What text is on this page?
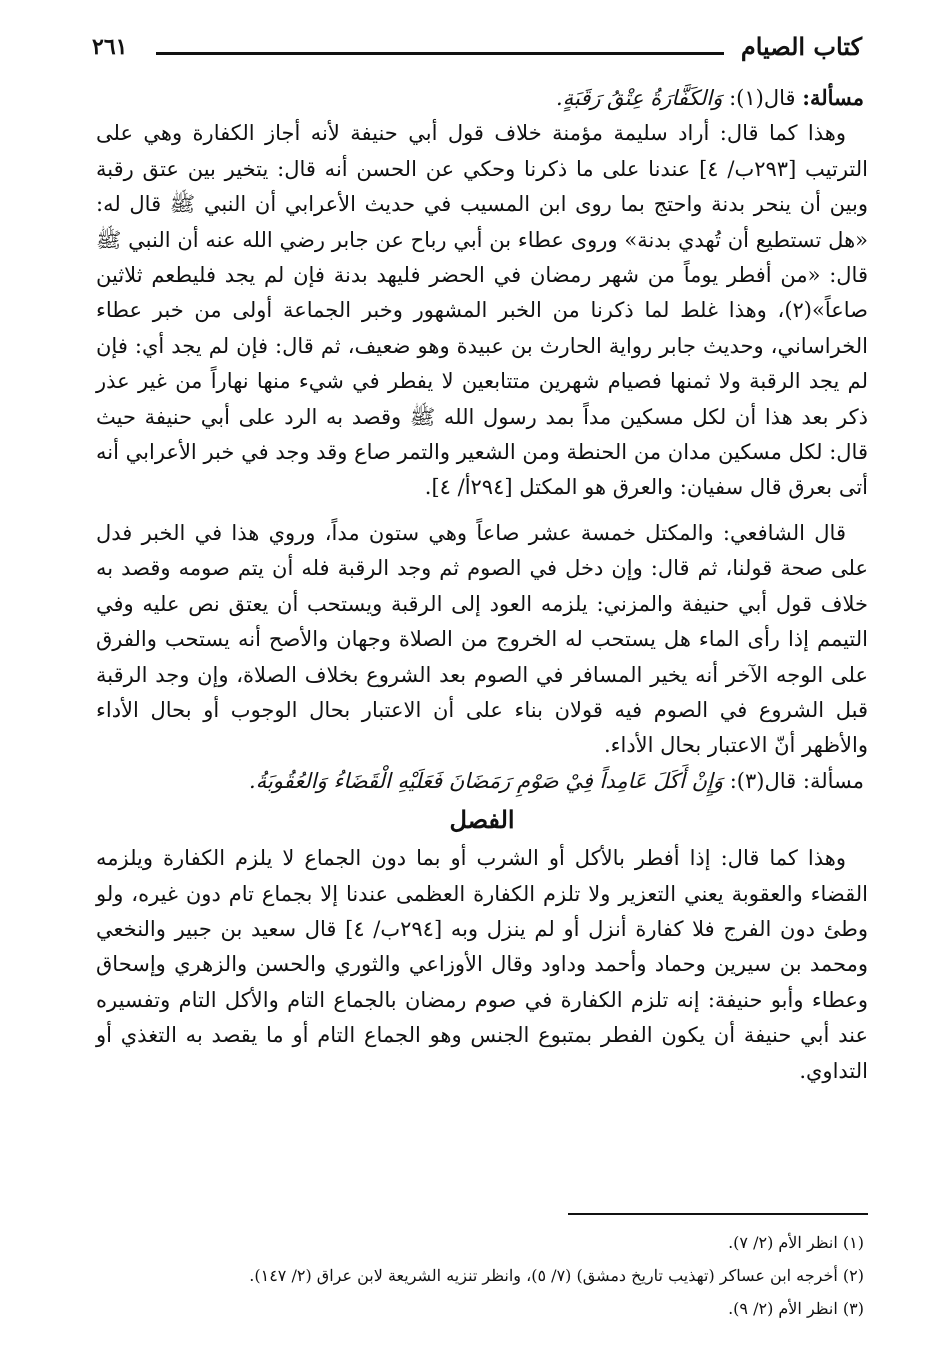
كتاب الصيام
٢٦١

مسألة: قال(١): وَالكَفَّارَةُ عِتْقُ رَقَبَةٍ.

وهذا كما قال: أراد سليمة مؤمنة خلاف قول أبي حنيفة لأنه أجاز الكفارة وهي على الترتيب [٢٩٣ب/ ٤] عندنا على ما ذكرنا وحكي عن الحسن أنه قال: يتخير بين عتق رقبة وبين أن ينحر بدنة واحتج بما روى ابن المسيب في حديث الأعرابي أن النبي ﷺ قال له: «هل تستطيع أن تُهدي بدنة» وروى عطاء بن أبي رباح عن جابر رضي الله عنه أن النبي ﷺ قال: «من أفطر يوماً من شهر رمضان في الحضر فليهد بدنة فإن لم يجد فليطعم ثلاثين صاعاً»(٢)، وهذا غلط لما ذكرنا من الخبر المشهور وخبر الجماعة أولى من خبر عطاء الخراساني، وحديث جابر رواية الحارث بن عبيدة وهو ضعيف، ثم قال: فإن لم يجد أي: فإن لم يجد الرقبة ولا ثمنها فصيام شهرين متتابعين لا يفطر في شيء منها نهاراً من غير عذر ذكر بعد هذا أن لكل مسكين مداً بمد رسول الله ﷺ وقصد به الرد على أبي حنيفة حيث قال: لكل مسكين مدان من الحنطة ومن الشعير والتمر صاع وقد وجد في خبر الأعرابي أنه أتى بعرق قال سفيان: والعرق هو المكتل [٢٩٤أ/ ٤].

قال الشافعي: والمكتل خمسة عشر صاعاً وهي ستون مداً، وروي هذا في الخبر فدل على صحة قولنا، ثم قال: وإن دخل في الصوم ثم وجد الرقبة فله أن يتم صومه وقصد به خلاف قول أبي حنيفة والمزني: يلزمه العود إلى الرقبة ويستحب أن يعتق نص عليه وفي التيمم إذا رأى الماء هل يستحب له الخروج من الصلاة وجهان والأصح أنه يستحب والفرق على الوجه الآخر أنه يخير المسافر في الصوم بعد الشروع بخلاف الصلاة، وإن وجد الرقبة قبل الشروع في الصوم فيه قولان بناء على أن الاعتبار بحال الوجوب أو بحال الأداء والأظهر أنّ الاعتبار بحال الأداء.

مسألة: قال(٣): وَإِنْ أَكَلَ عَامِداً فِيْ صَوْمِ رَمَضَانَ فَعَلَيْهِ الْقَضَاءُ وَالعُقُوبَةُ.

الفصل

وهذا كما قال: إذا أفطر بالأكل أو الشرب أو بما دون الجماع لا يلزم الكفارة ويلزمه القضاء والعقوبة يعني التعزير ولا تلزم الكفارة العظمى عندنا إلا بجماع تام دون غيره، ولو وطئ دون الفرج فلا كفارة أنزل أو لم ينزل وبه [٢٩٤ب/ ٤] قال سعيد بن جبير والنخعي ومحمد بن سيرين وحماد وأحمد وداود وقال الأوزاعي والثوري والحسن والزهري وإسحاق وعطاء وأبو حنيفة: إنه تلزم الكفارة في صوم رمضان بالجماع التام والأكل التام وتفسيره عند أبي حنيفة أن يكون الفطر بمتبوع الجنس وهو الجماع التام أو ما يقصد به التغذي أو التداوي.

(١) انظر الأم (٢/ ٧).

(٢) أخرجه ابن عساكر (تهذيب تاريخ دمشق) (٧/ ٥)، وانظر تنزيه الشريعة لابن عراق (٢/ ١٤٧).

(٣) انظر الأم (٢/ ٩).
